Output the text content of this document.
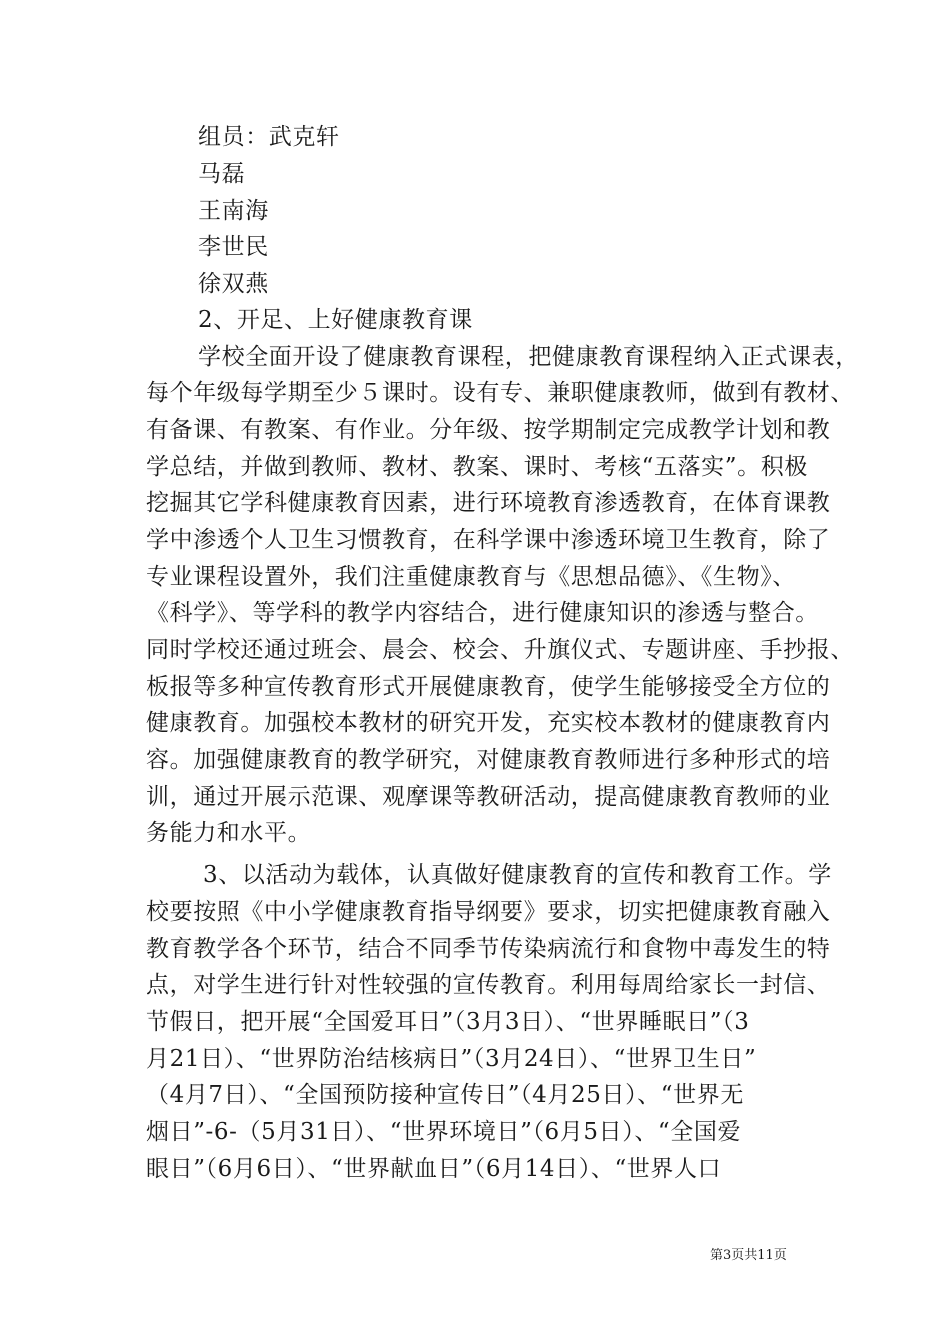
组员：武克轩
马磊
王南海
李世民
徐双燕
2、开足、上好健康教育课
学校全面开设了健康教育课程，把健康教育课程纳入正式课表，
每个年级每学期至少５课时。设有专、兼职健康教师，做到有教材、
有备课、有教案、有作业。分年级、按学期制定完成教学计划和教
学总结，并做到教师、教材、教案、课时、考核“五落实”。积极
挖掘其它学科健康教育因素，进行环境教育渗透教育，在体育课教
学中渗透个人卫生习惯教育，在科学课中渗透环境卫生教育，除了
专业课程设置外，我们注重健康教育与《思想品德》、《生物》、
《科学》、等学科的教学内容结合，进行健康知识的渗透与整合。
同时学校还通过班会、晨会、校会、升旗仪式、专题讲座、手抄报、
板报等多种宣传教育形式开展健康教育，使学生能够接受全方位的
健康教育。加强校本教材的研究开发，充实校本教材的健康教育内
容。加强健康教育的教学研究，对健康教育教师进行多种形式的培
训，通过开展示范课、观摩课等教研活动，提高健康教育教师的业
务能力和水平。
3、以活动为载体，认真做好健康教育的宣传和教育工作。学
校要按照《中小学健康教育指导纲要》要求，切实把健康教育融入
教育教学各个环节，结合不同季节传染病流行和食物中毒发生的特
点，对学生进行针对性较强的宣传教育。利用每周给家长一封信、
节假日，把开展“全国爱耳日”（3月3日）、“世界睡眠日”（3
月21日）、“世界防治结核病日”（3月24日）、“世界卫生日”
（4月7日）、“全国预防接种宣传日”（4月25日）、“世界无
烟日”-6-（5月31日）、“世界环境日”（6月5日）、“全国爱
眼日”（6月6日）、“世界献血日”（6月14日）、“世界人口
第3页共11页
